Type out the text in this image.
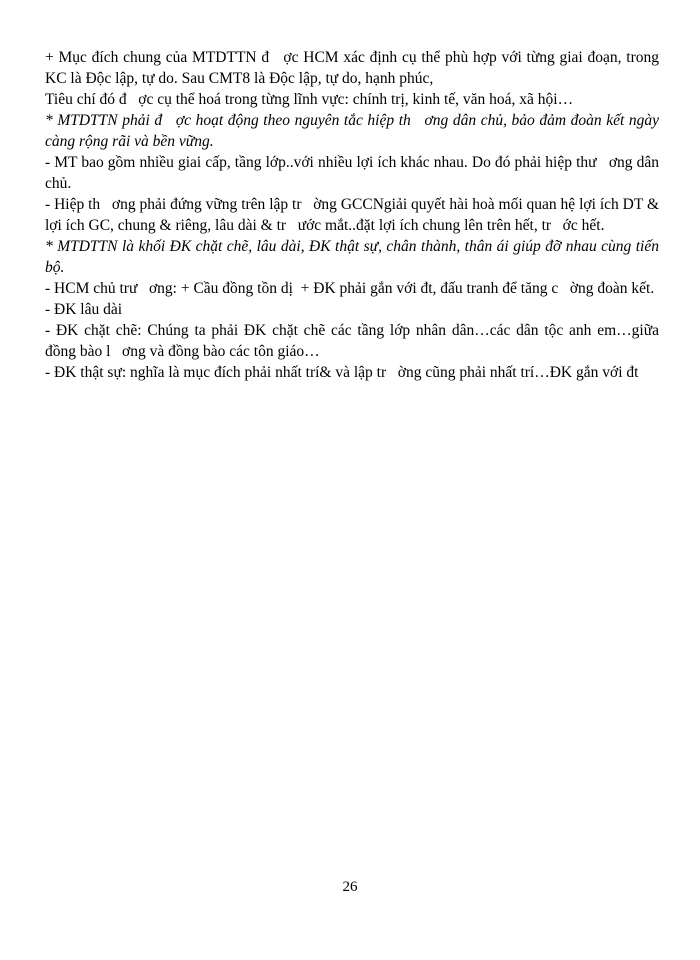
+ Mục đích chung của MTDTTN đ   ợc HCM xác định cụ thể phù hợp với từng giai đoạn, trong KC là Độc lập, tự do. Sau CMT8 là Độc lập, tự do, hạnh phúc,

Tiêu chí đó đ   ợc cụ thể hoá trong từng lĩnh vực: chính trị, kinh tế, văn hoá, xã hội…

* MTDTTN phải đ   ợc hoạt động theo nguyên tắc hiệp th   ơng dân chủ, bảo đảm đoàn kết ngày càng rộng rãi và bền vững.

- MT bao gồm nhiều giai cấp, tầng lớp..với nhiều lợi ích khác nhau. Do đó phải hiệp thư   ơng dân chủ.

- Hiệp th   ơng phải đứng vững trên lập tr   ờng GCCNgiải quyết hài hoà mối quan hệ lợi ích DT & lợi ích GC, chung & riêng, lâu dài & tr   ước mắt..đặt lợi ích chung lên trên hết, tr   ớc hết.

* MTDTTN là khối ĐK chặt chẽ, lâu dài, ĐK thật sự, chân thành, thân ái giúp đỡ nhau cùng tiến bộ.

- HCM chủ trư   ơng: + Cầu đồng tồn dị  + ĐK phải gắn với đt, đấu tranh để tăng c   ờng đoàn kết.

- ĐK lâu dài

- ĐK chặt chẽ: Chúng ta phải ĐK chặt chẽ các tầng lớp nhân dân…các dân tộc anh em…giữa đồng bào l   ơng và đồng bào các tôn giáo…

- ĐK thật sự: nghĩa là mục đích phải nhất trí& và lập tr   ờng cũng phải nhất trí…ĐK gắn với đt

26
